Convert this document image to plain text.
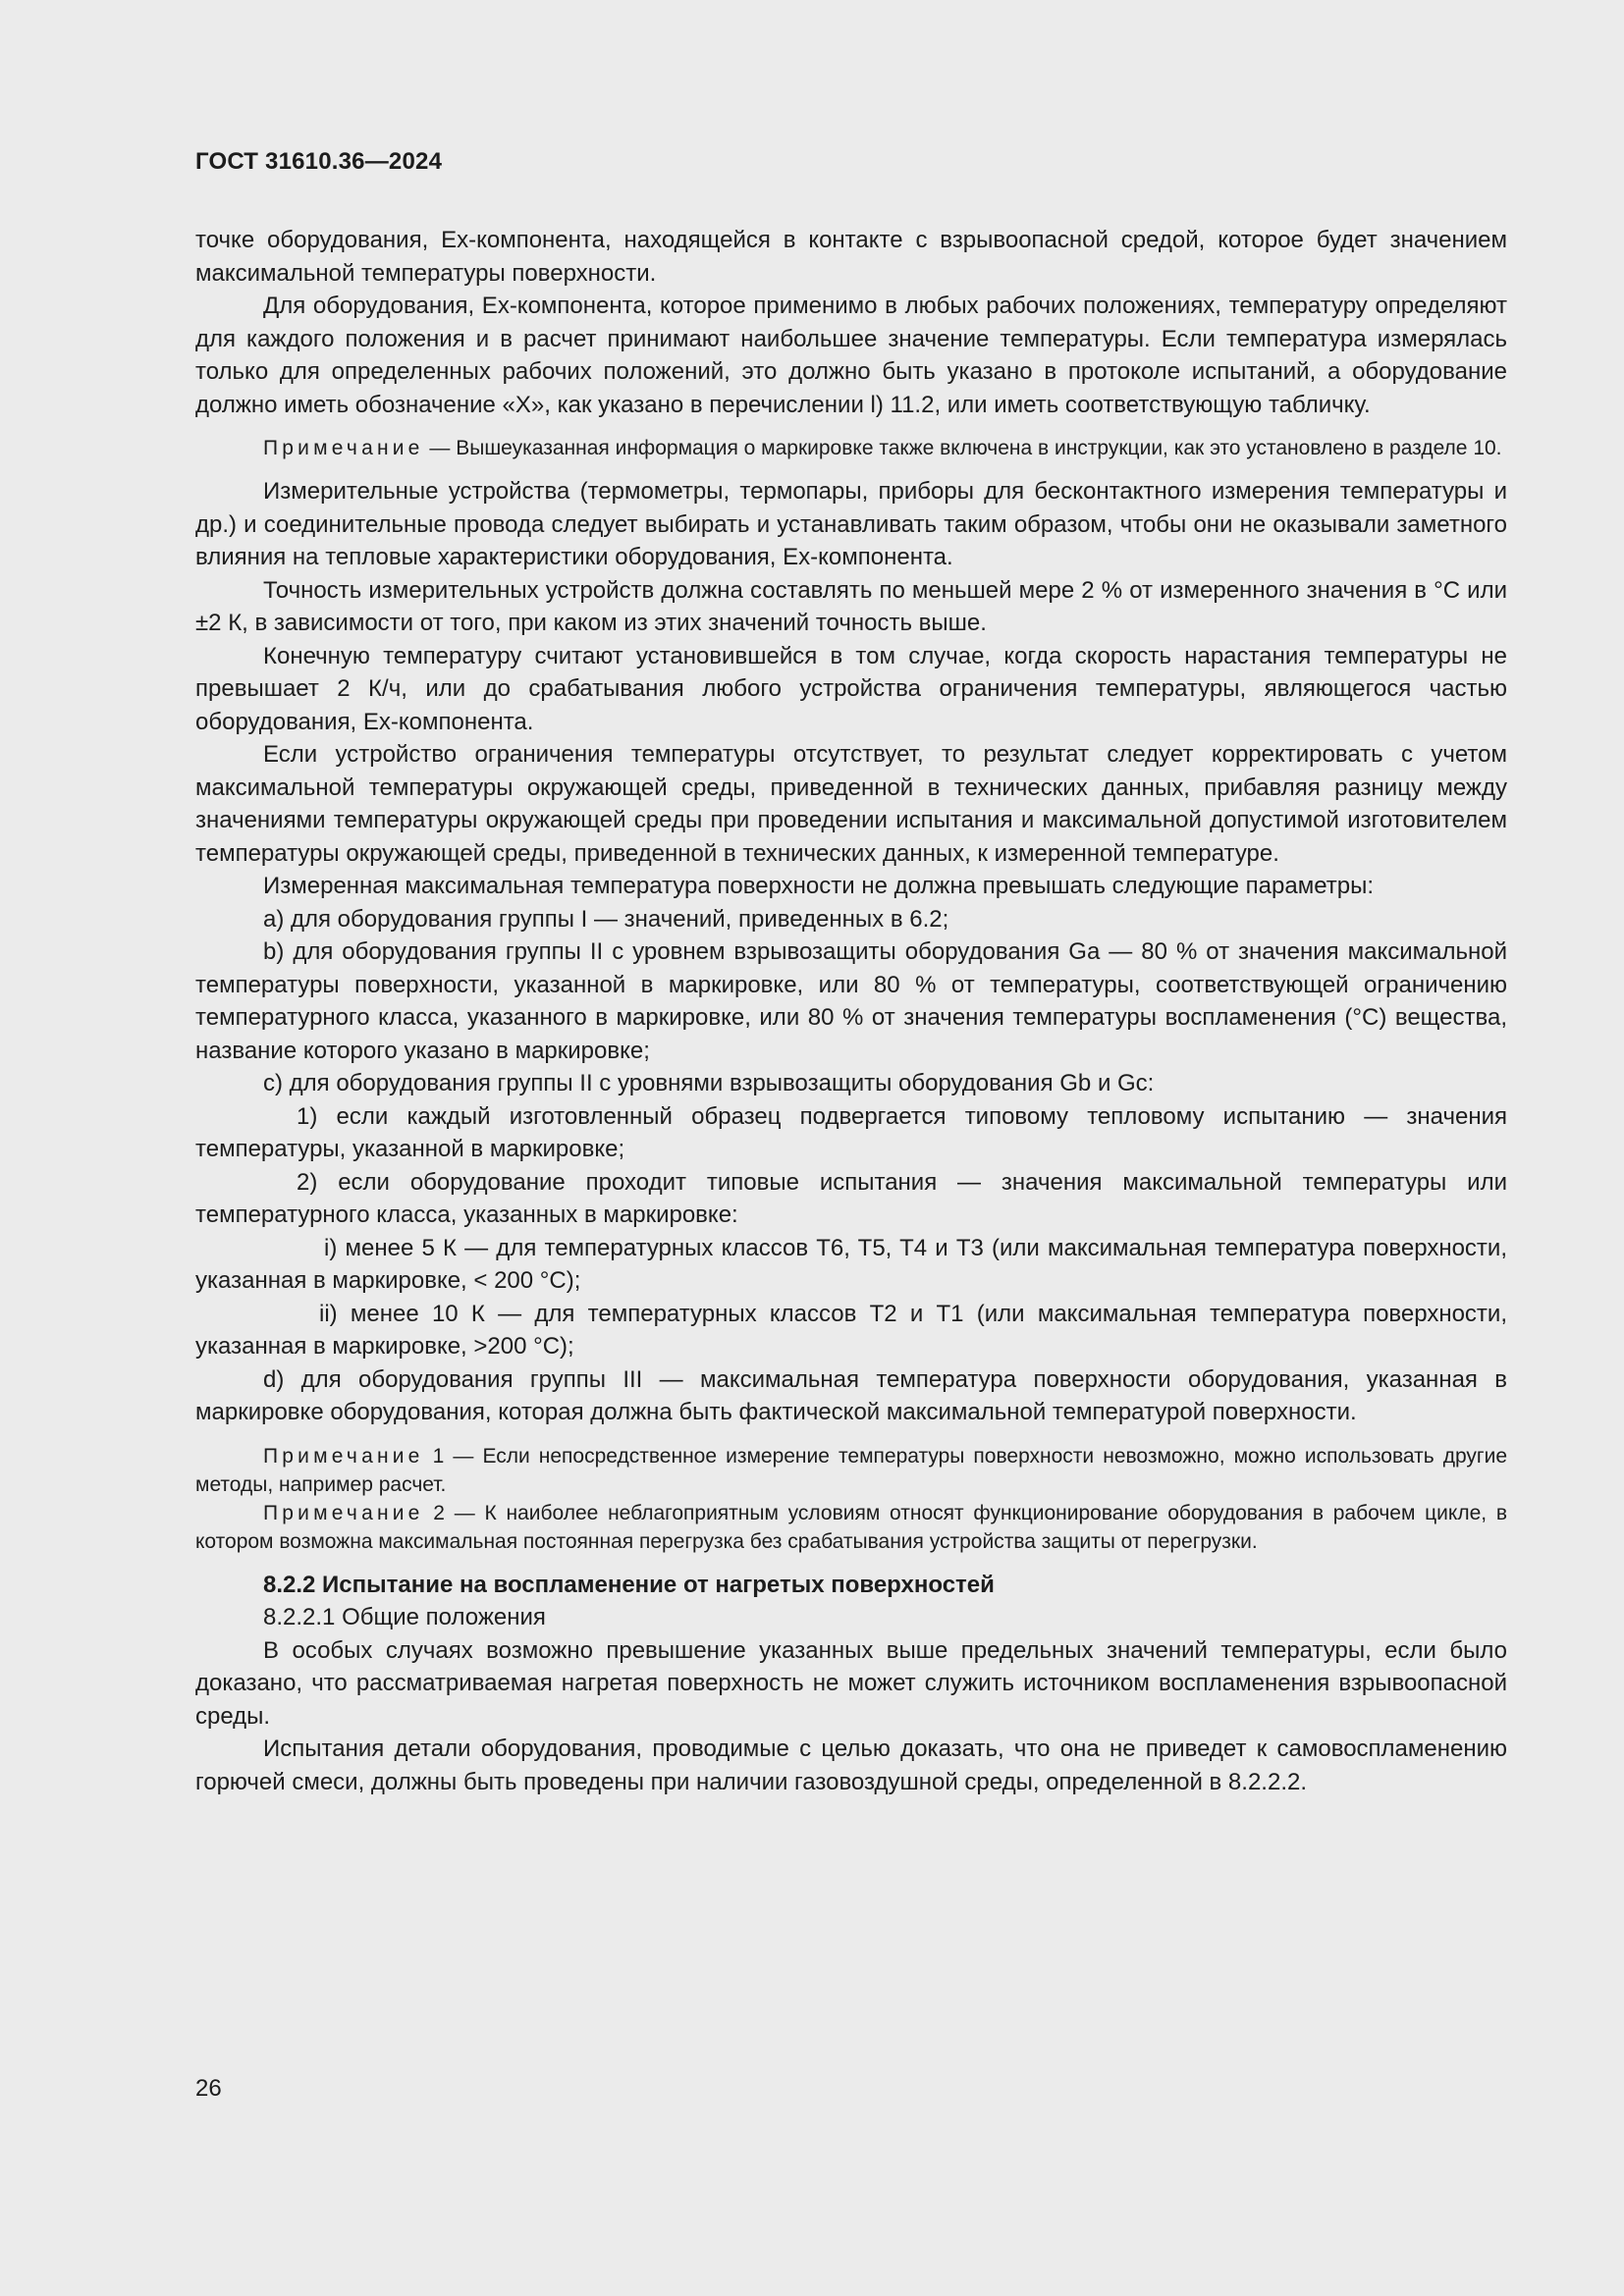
ГОСТ 31610.36—2024

точке оборудования, Ex-компонента, находящейся в контакте с взрывоопасной средой, которое будет значением максимальной температуры поверхности.

Для оборудования, Ex-компонента, которое применимо в любых рабочих положениях, температуру определяют для каждого положения и в расчет принимают наибольшее значение температуры. Если температура измерялась только для определенных рабочих положений, это должно быть указано в протоколе испытаний, а оборудование должно иметь обозначение «X», как указано в перечислении l) 11.2, или иметь соответствующую табличку.

Примечание — Вышеуказанная информация о маркировке также включена в инструкции, как это установлено в разделе 10.

Измерительные устройства (термометры, термопары, приборы для бесконтактного измерения температуры и др.) и соединительные провода следует выбирать и устанавливать таким образом, чтобы они не оказывали заметного влияния на тепловые характеристики оборудования, Ex-компонента.

Точность измерительных устройств должна составлять по меньшей мере 2 % от измеренного значения в °C или ±2 К, в зависимости от того, при каком из этих значений точность выше.

Конечную температуру считают установившейся в том случае, когда скорость нарастания температуры не превышает 2 К/ч, или до срабатывания любого устройства ограничения температуры, являющегося частью оборудования, Ex-компонента.

Если устройство ограничения температуры отсутствует, то результат следует корректировать с учетом максимальной температуры окружающей среды, приведенной в технических данных, прибавляя разницу между значениями температуры окружающей среды при проведении испытания и максимальной допустимой изготовителем температуры окружающей среды, приведенной в технических данных, к измеренной температуре.

Измеренная максимальная температура поверхности не должна превышать следующие параметры:

a) для оборудования группы I — значений, приведенных в 6.2;

b) для оборудования группы II с уровнем взрывозащиты оборудования Ga — 80 % от значения максимальной температуры поверхности, указанной в маркировке, или 80 % от температуры, соответствующей ограничению температурного класса, указанного в маркировке, или 80 % от значения температуры воспламенения (°C) вещества, название которого указано в маркировке;

c) для оборудования группы II с уровнями взрывозащиты оборудования Gb и Gc:

1) если каждый изготовленный образец подвергается типовому тепловому испытанию — значения температуры, указанной в маркировке;

2) если оборудование проходит типовые испытания — значения максимальной температуры или температурного класса, указанных в маркировке:

i) менее 5 К — для температурных классов T6, T5, T4 и T3 (или максимальная температура поверхности, указанная в маркировке, < 200 °C);

ii) менее 10 К — для температурных классов T2 и T1 (или максимальная температура поверхности, указанная в маркировке, >200 °C);

d) для оборудования группы III — максимальная температура поверхности оборудования, указанная в маркировке оборудования, которая должна быть фактической максимальной температурой поверхности.

Примечание 1 — Если непосредственное измерение температуры поверхности невозможно, можно использовать другие методы, например расчет.

Примечание 2 — К наиболее неблагоприятным условиям относят функционирование оборудования в рабочем цикле, в котором возможна максимальная постоянная перегрузка без срабатывания устройства защиты от перегрузки.

8.2.2 Испытание на воспламенение от нагретых поверхностей

8.2.2.1 Общие положения

В особых случаях возможно превышение указанных выше предельных значений температуры, если было доказано, что рассматриваемая нагретая поверхность не может служить источником воспламенения взрывоопасной среды.

Испытания детали оборудования, проводимые с целью доказать, что она не приведет к самовоспламенению горючей смеси, должны быть проведены при наличии газовоздушной среды, определенной в 8.2.2.2.

26
